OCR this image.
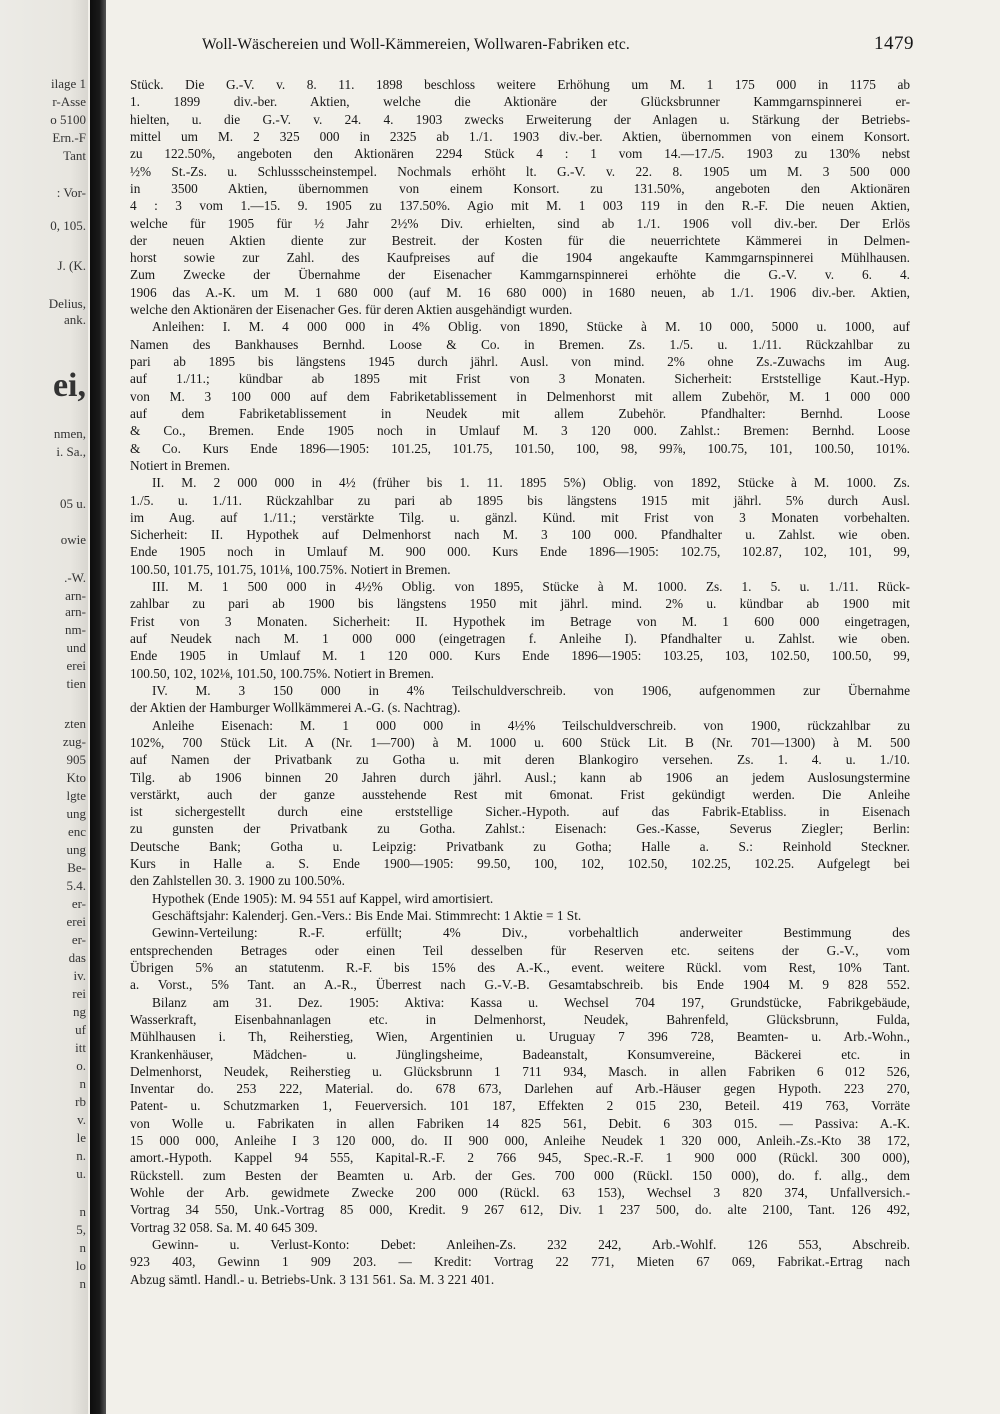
ilage 1
r-Asse
o 5100
Ern.-F
Tant
: Vor-
0, 105.
J. (K.
Delius,
ank.
ei,
nmen,
i. Sa.,
05 u.
owie
.-W.
arn-
arn-
nm-
und
erei
tien
zten
zug-
905
Kto
lgte
ung
enc
ung
Be-
5.4.
er-
erei
er-
das
iv.
rei
ng
uf
itt
o.
n
rb
v.
le
n.
u.
n
5,
n
lo
n
Woll-Wäschereien und Woll-Kämmereien, Wollwaren-Fabriken etc.	1479
Stück. Die G.-V. v. 8. 11. 1898 beschloss weitere Erhöhung um M. 1 175 000 in 1175 ab
1. 1899 div.-ber. Aktien, welche die Aktionäre der Glücksbrunner Kammgarnspinnerei er-
hielten, u. die G.-V. v. 24. 4. 1903 zwecks Erweiterung der Anlagen u. Stärkung der Betriebs-
mittel um M. 2 325 000 in 2325 ab 1./1. 1903 div.-ber. Aktien, übernommen von einem Konsort.
zu 122.50%, angeboten den Aktionären 2294 Stück 4 : 1 vom 14.—17./5. 1903 zu 130% nebst
½% St.-Zs. u. Schlussscheinstempel. Nochmals erhöht lt. G.-V. v. 22. 8. 1905 um M. 3 500 000
in 3500 Aktien, übernommen von einem Konsort. zu 131.50%, angeboten den Aktionären
4 : 3 vom 1.—15. 9. 1905 zu 137.50%. Agio mit M. 1 003 119 in den R.-F. Die neuen Aktien,
welche für 1905 für ½ Jahr 2½% Div. erhielten, sind ab 1./1. 1906 voll div.-ber. Der Erlös
der neuen Aktien diente zur Bestreit. der Kosten für die neuerrichtete Kämmerei in Delmen-
horst sowie zur Zahl. des Kaufpreises auf die 1904 angekaufte Kammgarnspinnerei Mühlhausen.
Zum Zwecke der Übernahme der Eisenacher Kammgarnspinnerei erhöhte die G.-V. v. 6. 4.
1906 das A.-K. um M. 1 680 000 (auf M. 16 680 000) in 1680 neuen, ab 1./1. 1906 div.-ber. Aktien,
welche den Aktionären der Eisenacher Ges. für deren Aktien ausgehändigt wurden.
Anleihen: I. M. 4 000 000 in 4% Oblig. von 1890, Stücke à M. 10 000, 5000 u. 1000, auf
Namen des Bankhauses Bernhd. Loose & Co. in Bremen. Zs. 1./5. u. 1./11. Rückzahlbar zu
pari ab 1895 bis längstens 1945 durch jährl. Ausl. von mind. 2% ohne Zs.-Zuwachs im Aug.
auf 1./11.; kündbar ab 1895 mit Frist von 3 Monaten. Sicherheit: Erststellige Kaut.-Hyp.
von M. 3 100 000 auf dem Fabriketablissement in Delmenhorst mit allem Zubehör, M. 1 000 000
auf dem Fabriketablissement in Neudek mit allem Zubehör. Pfandhalter: Bernhd. Loose
& Co., Bremen. Ende 1905 noch in Umlauf M. 3 120 000. Zahlst.: Bremen: Bernhd. Loose
& Co. Kurs Ende 1896—1905: 101.25, 101.75, 101.50, 100, 98, 99⅞, 100.75, 101, 100.50, 101%.
Notiert in Bremen.
II. M. 2 000 000 in 4½ (früher bis 1. 11. 1895 5%) Oblig. von 1892, Stücke à M. 1000. Zs.
1./5. u. 1./11. Rückzahlbar zu pari ab 1895 bis längstens 1915 mit jährl. 5% durch Ausl.
im Aug. auf 1./11.; verstärkte Tilg. u. gänzl. Künd. mit Frist von 3 Monaten vorbehalten.
Sicherheit: II. Hypothek auf Delmenhorst nach M. 3 100 000. Pfandhalter u. Zahlst. wie oben.
Ende 1905 noch in Umlauf M. 900 000. Kurs Ende 1896—1905: 102.75, 102.87, 102, 101, 99,
100.50, 101.75, 101.75, 101⅛, 100.75%. Notiert in Bremen.
III. M. 1 500 000 in 4½% Oblig. von 1895, Stücke à M. 1000. Zs. 1. 5. u. 1./11. Rück-
zahlbar zu pari ab 1900 bis längstens 1950 mit jährl. mind. 2% u. kündbar ab 1900 mit
Frist von 3 Monaten. Sicherheit: II. Hypothek im Betrage von M. 1 600 000 eingetragen,
auf Neudek nach M. 1 000 000 (eingetragen f. Anleihe I). Pfandhalter u. Zahlst. wie oben.
Ende 1905 in Umlauf M. 1 120 000. Kurs Ende 1896—1905: 103.25, 103, 102.50, 100.50, 99,
100.50, 102, 102⅛, 101.50, 100.75%. Notiert in Bremen.
IV. M. 3 150 000 in 4% Teilschuldverschreib. von 1906, aufgenommen zur Übernahme
der Aktien der Hamburger Wollkämmerei A.-G. (s. Nachtrag).
Anleihe Eisenach: M. 1 000 000 in 4½% Teilschuldverschreib. von 1900, rückzahlbar zu
102%, 700 Stück Lit. A (Nr. 1—700) à M. 1000 u. 600 Stück Lit. B (Nr. 701—1300) à M. 500
auf Namen der Privatbank zu Gotha u. mit deren Blankogiro versehen. Zs. 1. 4. u. 1./10.
Tilg. ab 1906 binnen 20 Jahren durch jährl. Ausl.; kann ab 1906 an jedem Auslosungstermine
verstärkt, auch der ganze ausstehende Rest mit 6monat. Frist gekündigt werden. Die Anleihe
ist sichergestellt durch eine erststellige Sicher.-Hypoth. auf das Fabrik-Etabliss. in Eisenach
zu gunsten der Privatbank zu Gotha. Zahlst.: Eisenach: Ges.-Kasse, Severus Ziegler; Berlin:
Deutsche Bank; Gotha u. Leipzig: Privatbank zu Gotha; Halle a. S.: Reinhold Steckner.
Kurs in Halle a. S. Ende 1900—1905: 99.50, 100, 102, 102.50, 102.25, 102.25. Aufgelegt bei
den Zahlstellen 30. 3. 1900 zu 100.50%.
Hypothek (Ende 1905): M. 94 551 auf Kappel, wird amortisiert.
Geschäftsjahr: Kalenderj. Gen.-Vers.: Bis Ende Mai. Stimmrecht: 1 Aktie = 1 St.
Gewinn-Verteilung: R.-F. erfüllt; 4% Div., vorbehaltlich anderweiter Bestimmung des
entsprechenden Betrages oder einen Teil desselben für Reserven etc. seitens der G.-V., vom
Übrigen 5% an statutenm. R.-F. bis 15% des A.-K., event. weitere Rückl. vom Rest, 10% Tant.
a. Vorst., 5% Tant. an A.-R., Überrest nach G.-V.-B. Gesamtabschreib. bis Ende 1904 M. 9 828 552.
Bilanz am 31. Dez. 1905: Aktiva: Kassa u. Wechsel 704 197, Grundstücke, Fabrikgebäude,
Wasserkraft, Eisenbahnanlagen etc. in Delmenhorst, Neudek, Bahrenfeld, Glücksbrunn, Fulda,
Mühlhausen i. Th, Reiherstieg, Wien, Argentinien u. Uruguay 7 396 728, Beamten- u. Arb.-Wohn.,
Krankenhäuser, Mädchen- u. Jünglingsheime, Badeanstalt, Konsumvereine, Bäckerei etc. in
Delmenhorst, Neudek, Reiherstieg u. Glücksbrunn 1 711 934, Masch. in allen Fabriken 6 012 526,
Inventar do. 253 222, Material. do. 678 673, Darlehen auf Arb.-Häuser gegen Hypoth. 223 270,
Patent- u. Schutzmarken 1, Feuerversich. 101 187, Effekten 2 015 230, Beteil. 419 763, Vorräte
von Wolle u. Fabrikaten in allen Fabriken 14 825 561, Debit. 6 303 015. — Passiva: A.-K.
15 000 000, Anleihe I 3 120 000, do. II 900 000, Anleihe Neudek 1 320 000, Anleih.-Zs.-Kto 38 172,
amort.-Hypoth. Kappel 94 555, Kapital-R.-F. 2 766 945, Spec.-R.-F. 1 900 000 (Rückl. 300 000),
Rückstell. zum Besten der Beamten u. Arb. der Ges. 700 000 (Rückl. 150 000), do. f. allg., dem
Wohle der Arb. gewidmete Zwecke 200 000 (Rückl. 63 153), Wechsel 3 820 374, Unfallversich.-
Vortrag 34 550, Unk.-Vortrag 85 000, Kredit. 9 267 612, Div. 1 237 500, do. alte 2100, Tant. 126 492,
Vortrag 32 058. Sa. M. 40 645 309.
Gewinn- u. Verlust-Konto: Debet: Anleihen-Zs. 232 242, Arb.-Wohlf. 126 553, Abschreib.
923 403, Gewinn 1 909 203. — Kredit: Vortrag 22 771, Mieten 67 069, Fabrikat.-Ertrag nach
Abzug sämtl. Handl.- u. Betriebs-Unk. 3 131 561. Sa. M. 3 221 401.
